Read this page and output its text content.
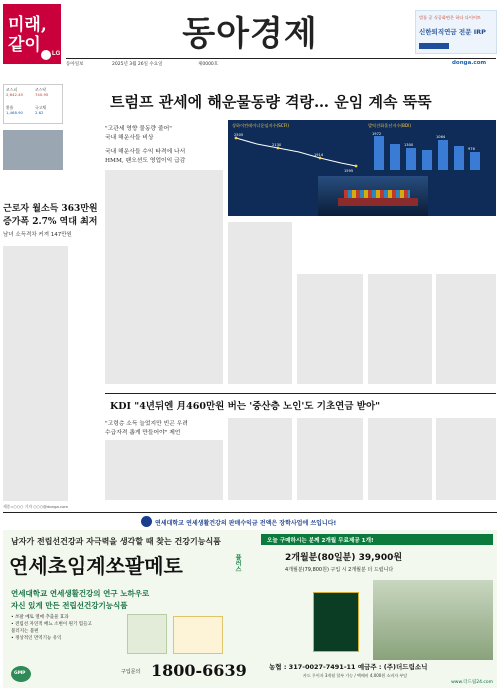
미래,
같이 LG	동아경제	벌툴 공 식공화면은 하다 다이어트
신한퇴직연금 전문 IRP
동아일보	2025년 3월 26일 수요일	제0000호	donga.com
코스피
2,642.45
코스닥
740.95
환율
1,468.90
국고채
2.62
근로자 월소득 363만원
증가폭 2.7% 역대 최저
남녀 소득격차 커져 147만원
트럼프 관세에 해운물동량 격랑… 운임 계속 뚝뚝
"고관세 영향 물동량 줄어"
국내 해운사들 비상
국내 해운사들 수익 타격에 나서
HMM, 팬오션도 영업이익 급감
상하이컨테이너운임지수(SCFI)	발틱건화물선지수(BDI)
2505
2130
1914
1595
1972
1300
1064
976
KDI "4년뒤엔 月460만원 버는 '중산층 노인'도 기초연금 받아"
"고령층 소득 늘었지만 빈곤 우려
수급자격 좁게 만들어야" 제언
세종=○○○ 기자 ○○○@donga.com
연세대학교 연세생활건강의 판매수익금 전액은 장학사업에 쓰입니다!
남자가 전립선건강과 자극력을 생각할 때 찾는 건강기능식품
연세초임계쏘팔메토	플러스
연세대학교 연세생활건강의 연구 노하우로
자신 있게 만든 전립선건강기능식품
• 쏘팔 메토 열매 추출물 효과
• 전립선 자연적 배뇨 소변이 원기 힘들고
불러지는 불편
• 정상적인 면역기능 유익
GMP	구입문의 1800-6639
오늘 구매하시는 분께 2개월 무료제공 1개!
2개월분(80일분) 39,900원
4개월분(79,800원) 구입 시 2개월분 더 드립니다
농협 : 317-0027-7491-11 예금주 : (주)더드림소닉
카드 무이자 3개월 할부 가능 / 택배비 4,000원 소비자 부담
www.더드림24.com
